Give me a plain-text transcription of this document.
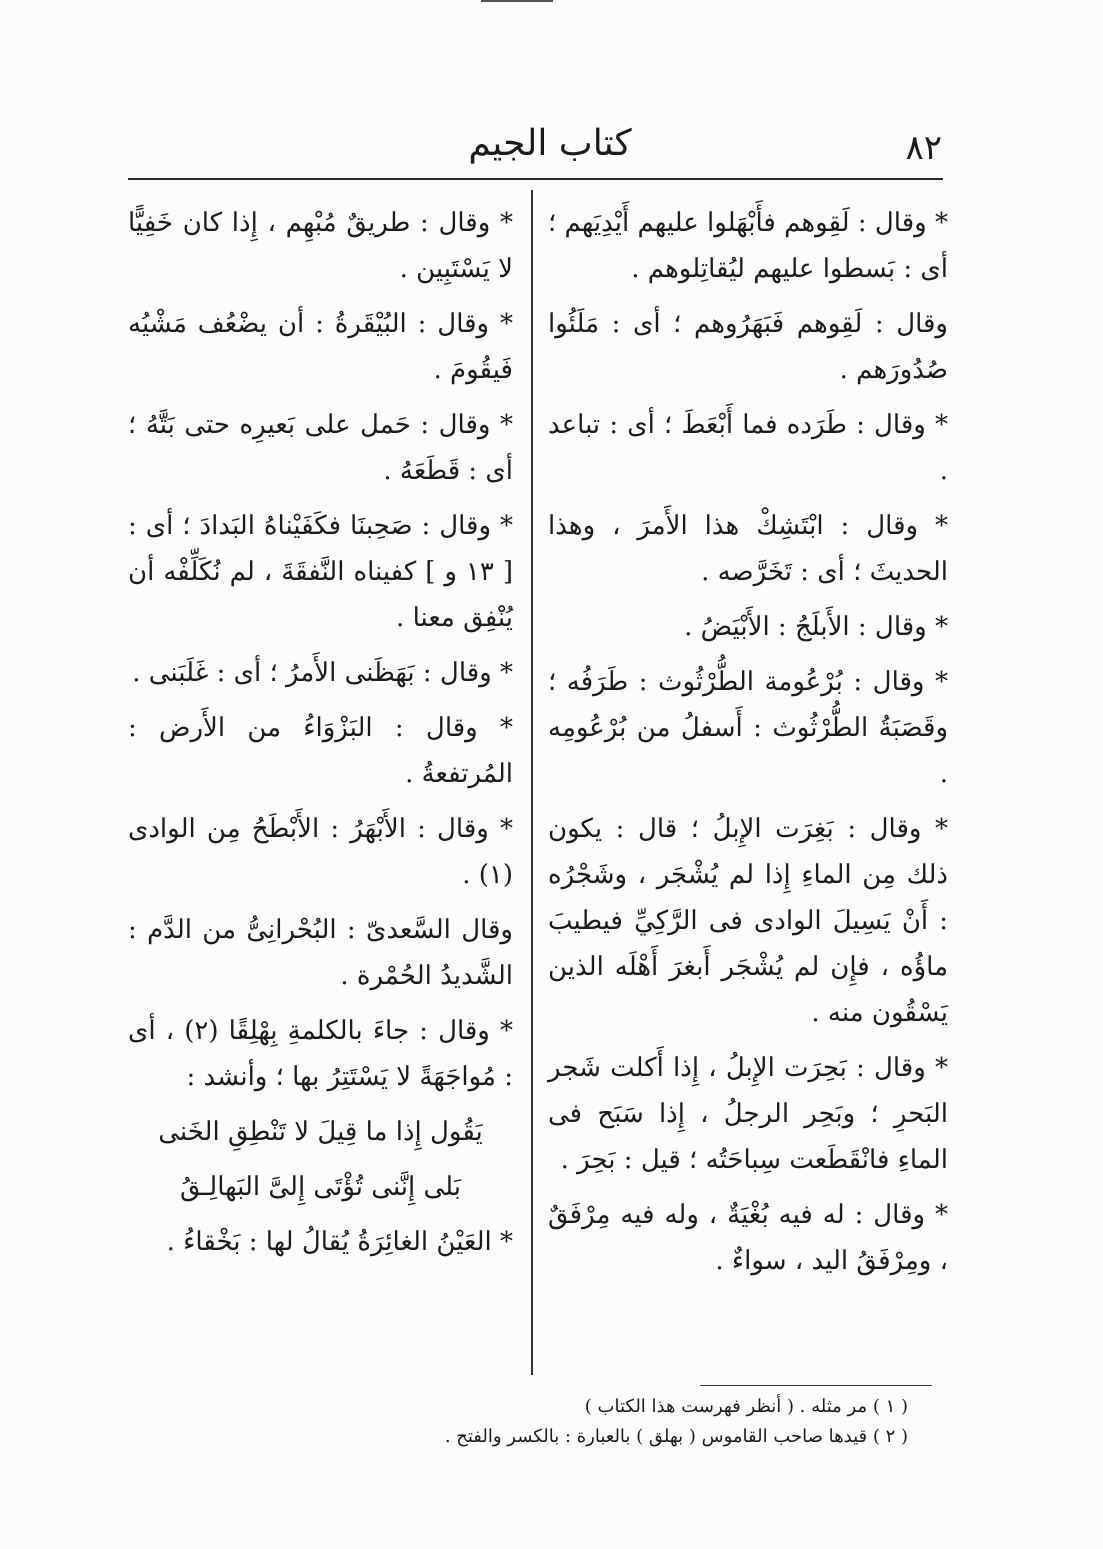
٨٢
كتاب الجيم

* وقال : لَقِوهم فأَبْهَلوا عليهم أَيْدِيَهم ؛ أى : بَسطوا عليهم ليُقاتِلوهم .

وقال : لَقِوهم فَبَهَرُوهم ؛ أى : مَلَئُوا صُدُورَهم .

* وقال : طَرَده فما أَبْعَطَ ؛ أى : تباعد .

* وقال : ابْتَشِكْ هذا الأَمرَ ، وهذا الحديثَ ؛ أى : تَخَرَّصه .

* وقال : الأَبلَجُ : الأَبْيَضُ .

* وقال : بُرْعُومة الطُّرْثُوث : طَرَفُه ؛ وقَصَبَةُ الطُّرْثُوث : أَسفلُ من بُرْعُومِه .

* وقال : بَغِرَت الإِبلُ ؛ قال : يكون ذلك مِن الماءِ إِذا لم يُشْجَر ، وشَجْرُه : أَنْ يَسِيلَ الوادى فى الرَّكِيِّ فيطيبَ ماؤُه ، فإِن لم يُشْجَر أَبغرَ أَهْلَه الذين يَسْقُون منه .

* وقال : بَحِرَت الإِبلُ ، إِذا أَكلت شَجر البَحرِ ؛ وبَحِر الرجلُ ، إِذا سَبَح فى الماءِ فانْقَطَعت سِباحَتُه ؛ قيل : بَحِرَ .

* وقال : له فيه بُغْيَةٌ ، وله فيه مِرْفَقٌ ، ومِرْفَقُ اليد ، سواءٌ .

* وقال : طريقٌ مُبْهِم ، إِذا كان خَفِيًّا لا يَسْتَبِين .

* وقال : البُيْقَرةُ : أن يضْعُف مَشْيُه فَيقُومَ .

* وقال : حَمل على بَعيرِه حتى بَتَّهُ ؛ أى : قَطَعَهُ .

* وقال : صَحِبنَا فكَفَيْناهُ البَدادَ ؛ أى : [ ١٣ و ] كفيناه النَّفقَةَ ، لم نُكَلِّفْه أن يُنْفِق معنا .

* وقال : بَهَظَنى الأَمرُ ؛ أى : غَلَبَنى .

* وقال : البَزْوَاءُ من الأَرض : المُرتفعةُ .

* وقال : الأَبْهَرُ : الأَبْطَحُ مِن الوادى (١) .

وقال السَّعدىّ : البُحْرانِىُّ من الدَّم : الشَّديدُ الحُمْرة .

* وقال : جاءَ بالكلمةِ بِهْلِقًا (٢) ، أى : مُواجَهَةً لا يَسْتَتِرُ بها ؛ وأنشد :

يَقُول إِذا ما قِيلَ لا تَنْطِقِ الخَنى

بَلى إِنَّنى تُؤْتَى إِلىَّ البَهالِـقُ

* العَيْنُ الغائِرَةُ يُقالُ لها : بَخْقاءُ .

( ١ ) مر مثله . ( أنظر فهرست هذا الكتاب )

( ٢ ) قيدها صاحب القاموس ( بهلق ) بالعبارة : بالكسر والفتح .
